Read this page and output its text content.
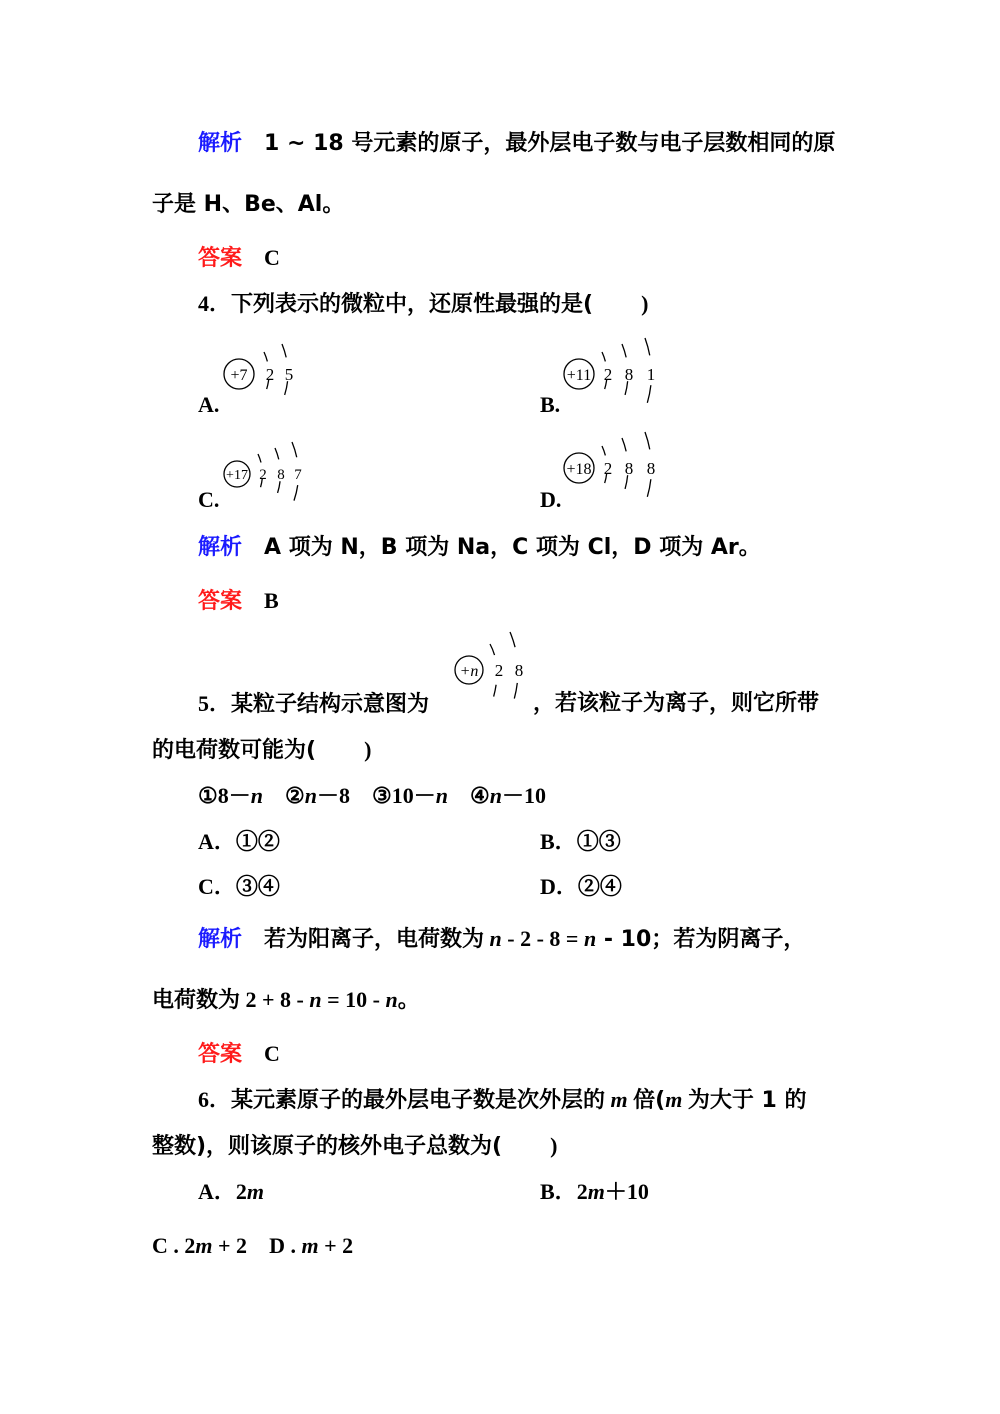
解析 1 ~ 18 号元素的原子，最外层电子数与电子层数相同的原
子是 H、Be、Al。
答案 C
4．下列表示的微粒中，还原性最强的是( )
A.
+7 2 5
B.
+11 2 8 1
C.
+17 2 8 7
D.
+18 2 8 8
解析 A 项为 N，B 项为 Na，C 项为 Cl，D 项为 Ar。
答案 B
5．某粒子结构示意图为
+n 2 8
，若该粒子为离子，则它所带
的电荷数可能为( )
①8－n ②n－8 ③10－n ④n－10
A．①②	B．①③
C．③④	D．②④
解析 若为阳离子，电荷数为 n - 2 - 8 = n - 10；若为阴离子，
电荷数为 2 + 8 - n = 10 - n。
答案 C
6．某元素原子的最外层电子数是次外层的 m 倍(m 为大于 1 的
整数)，则该原子的核外电子总数为( )
A．2m	B．2m＋10
C . 2m + 2 D . m + 2
